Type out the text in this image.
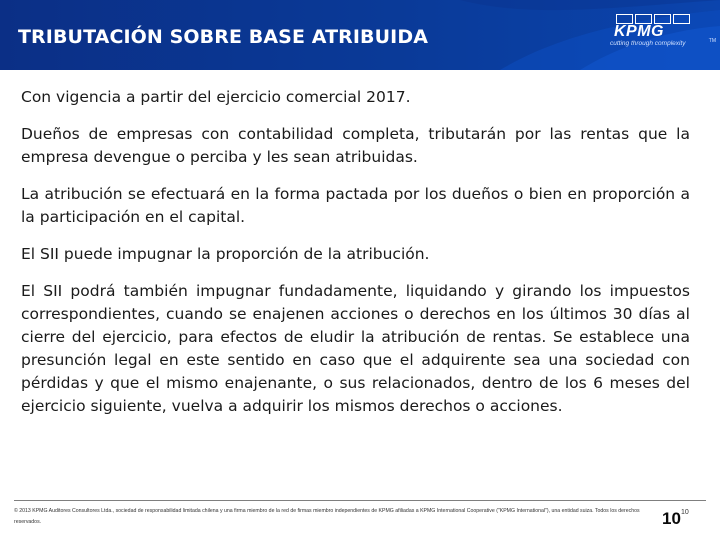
TRIBUTACIÓN SOBRE BASE ATRIBUIDA	KPMG
cutting through complexity	TM

Con vigencia a partir del ejercicio comercial 2017.

Dueños de empresas con contabilidad completa, tributarán por las rentas que la empresa devengue o perciba y les sean atribuidas.

La atribución se efectuará en la forma pactada por los dueños o bien en proporción a la participación en el capital.

El SII puede impugnar la proporción de la atribución.

El SII podrá también impugnar fundadamente, liquidando y girando los impuestos correspondientes, cuando se enajenen acciones o derechos en los últimos 30 días al cierre del ejercicio, para efectos de eludir la atribución de rentas. Se establece una presunción legal en este sentido en caso que el adquirente sea una sociedad con pérdidas y que el mismo enajenante, o sus relacionados, dentro de los 6 meses del ejercicio siguiente, vuelva a adquirir los mismos derechos o acciones.

© 2013 KPMG Auditores Consultores Ltda., sociedad de responsabilidad limitada chilena y una firma miembro de la red de firmas miembro independientes de KPMG afiliadas a KPMG International Cooperative ("KPMG International"), una entidad suiza. Todos los derechos reservados.	10 10
